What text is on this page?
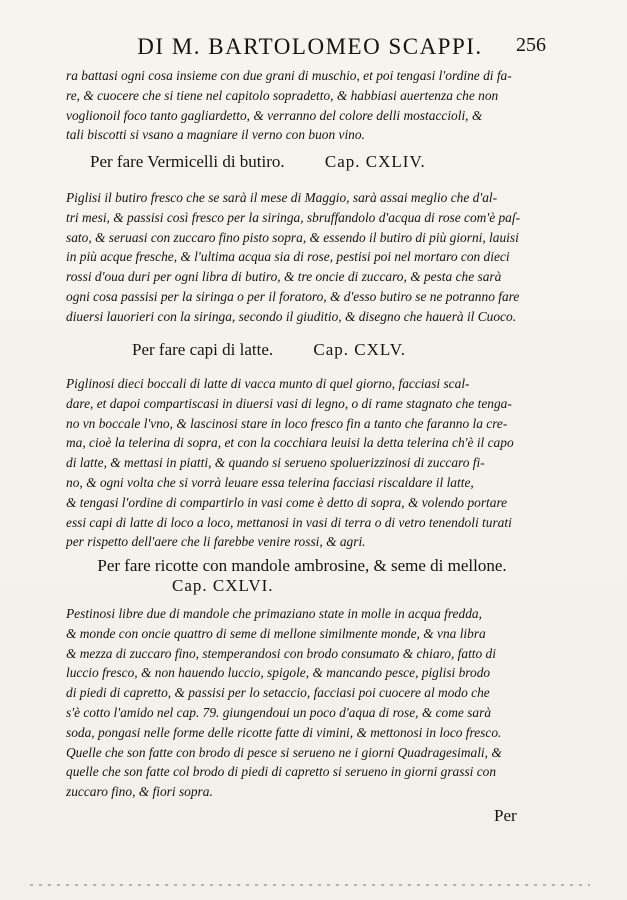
DI M. BARTOLOMEO SCAPPI.	256
ra battasi ogni cosa insieme con due grani di muschio, et poi tengasi l'ordine di fa-
re, & cuocere che si tiene nel capitolo sopradetto, & habbiasi auertenza che non
voglionoil foco tanto gagliardetto, & verranno del colore delli mostaccioli, &
tali biscotti si vsano a magniare il verno con buon vino.
Per fare Vermicelli di butiro. Cap. CXLIV.
Piglisi il butiro fresco che se sarà il mese di Maggio, sarà assai meglio che d'al-
tri mesi, & passisi così fresco per la siringa, sbruffandolo d'acqua di rose com'è paſ-
sato, & seruasi con zuccaro fino pisto sopra, & essendo il butiro di più giorni, lauisi
in più acque fresche, & l'ultima acqua sia di rose, pestisi poi nel mortaro con dieci
rossi d'oua duri per ogni libra di butiro, & tre oncie di zuccaro, & pesta che sarà
ogni cosa passisi per la siringa o per il foratoro, & d'esso butiro se ne potranno fare
diuersi lauorieri con la siringa, secondo il giuditio, & disegno che hauerà il Cuoco.
Per fare capi di latte. Cap. CXLV.
Piglinosi dieci boccali di latte di vacca munto di quel giorno, facciasi scal-
dare, et dapoi compartiscasi in diuersi vasi di legno, o di rame stagnato che tenga-
no vn boccale l'vno, & lascinosi stare in loco fresco fin a tanto che faranno la cre-
ma, cioè la telerina di sopra, et con la cocchiara leuisi la detta telerina ch'è il capo
di latte, & mettasi in piatti, & quando si serueno spoluerizzinosi di zuccaro fi-
no, & ogni volta che si vorrà leuare essa telerina facciasi riscaldare il latte,
& tengasi l'ordine di compartirlo in vasi come è detto di sopra, & volendo portare
essi capi di latte di loco a loco, mettanosi in vasi di terra o di vetro tenendoli turati
per rispetto dell'aere che li farebbe venire rossi, & agri.
Per fare ricotte con mandole ambrosine, & seme di mellone.
Cap. CXLVI.
Pestinosi libre due di mandole che primaziano state in molle in acqua fredda,
& monde con oncie quattro di seme di mellone similmente monde, & vna libra
& mezza di zuccaro fino, stemperandosi con brodo consumato & chiaro, fatto di
luccio fresco, & non hauendo luccio, spigole, & mancando pesce, piglisi brodo
di piedi di capretto, & passisi per lo setaccio, facciasi poi cuocere al modo che
s'è cotto l'amido nel cap. 79. giungendoui un poco d'aqua di rose, & come sarà
soda, pongasi nelle forme delle ricotte fatte di vimini, & mettonosi in loco fresco.
Quelle che son fatte con brodo di pesce si serueno ne i giorni Quadragesimali, &
quelle che son fatte col brodo di piedi di capretto si serueno in giorni grassi con
zuccaro fino, & fiori sopra.
Per
